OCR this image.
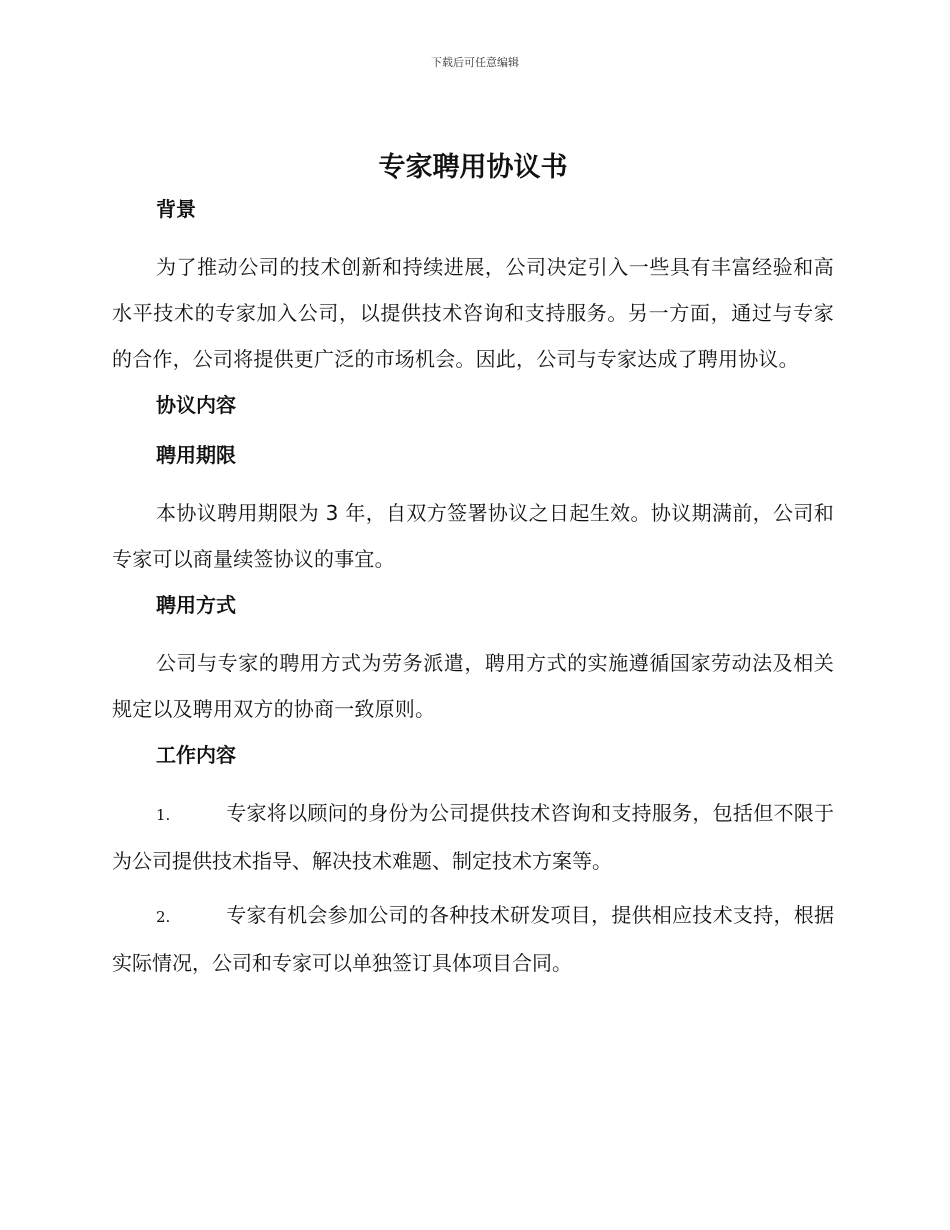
下载后可任意编辑
专家聘用协议书
背景

为了推动公司的技术创新和持续进展，公司决定引入一些具有丰富经验和高水平技术的专家加入公司，以提供技术咨询和支持服务。另一方面，通过与专家的合作，公司将提供更广泛的市场机会。因此，公司与专家达成了聘用协议。

协议内容
聘用期限

本协议聘用期限为 3 年，自双方签署协议之日起生效。协议期满前，公司和专家可以商量续签协议的事宜。

聘用方式

公司与专家的聘用方式为劳务派遣，聘用方式的实施遵循国家劳动法及相关规定以及聘用双方的协商一致原则。

工作内容

1.	专家将以顾问的身份为公司提供技术咨询和支持服务，包括但不限于为公司提供技术指导、解决技术难题、制定技术方案等。

2.	专家有机会参加公司的各种技术研发项目，提供相应技术支持，根据实际情况，公司和专家可以单独签订具体项目合同。
